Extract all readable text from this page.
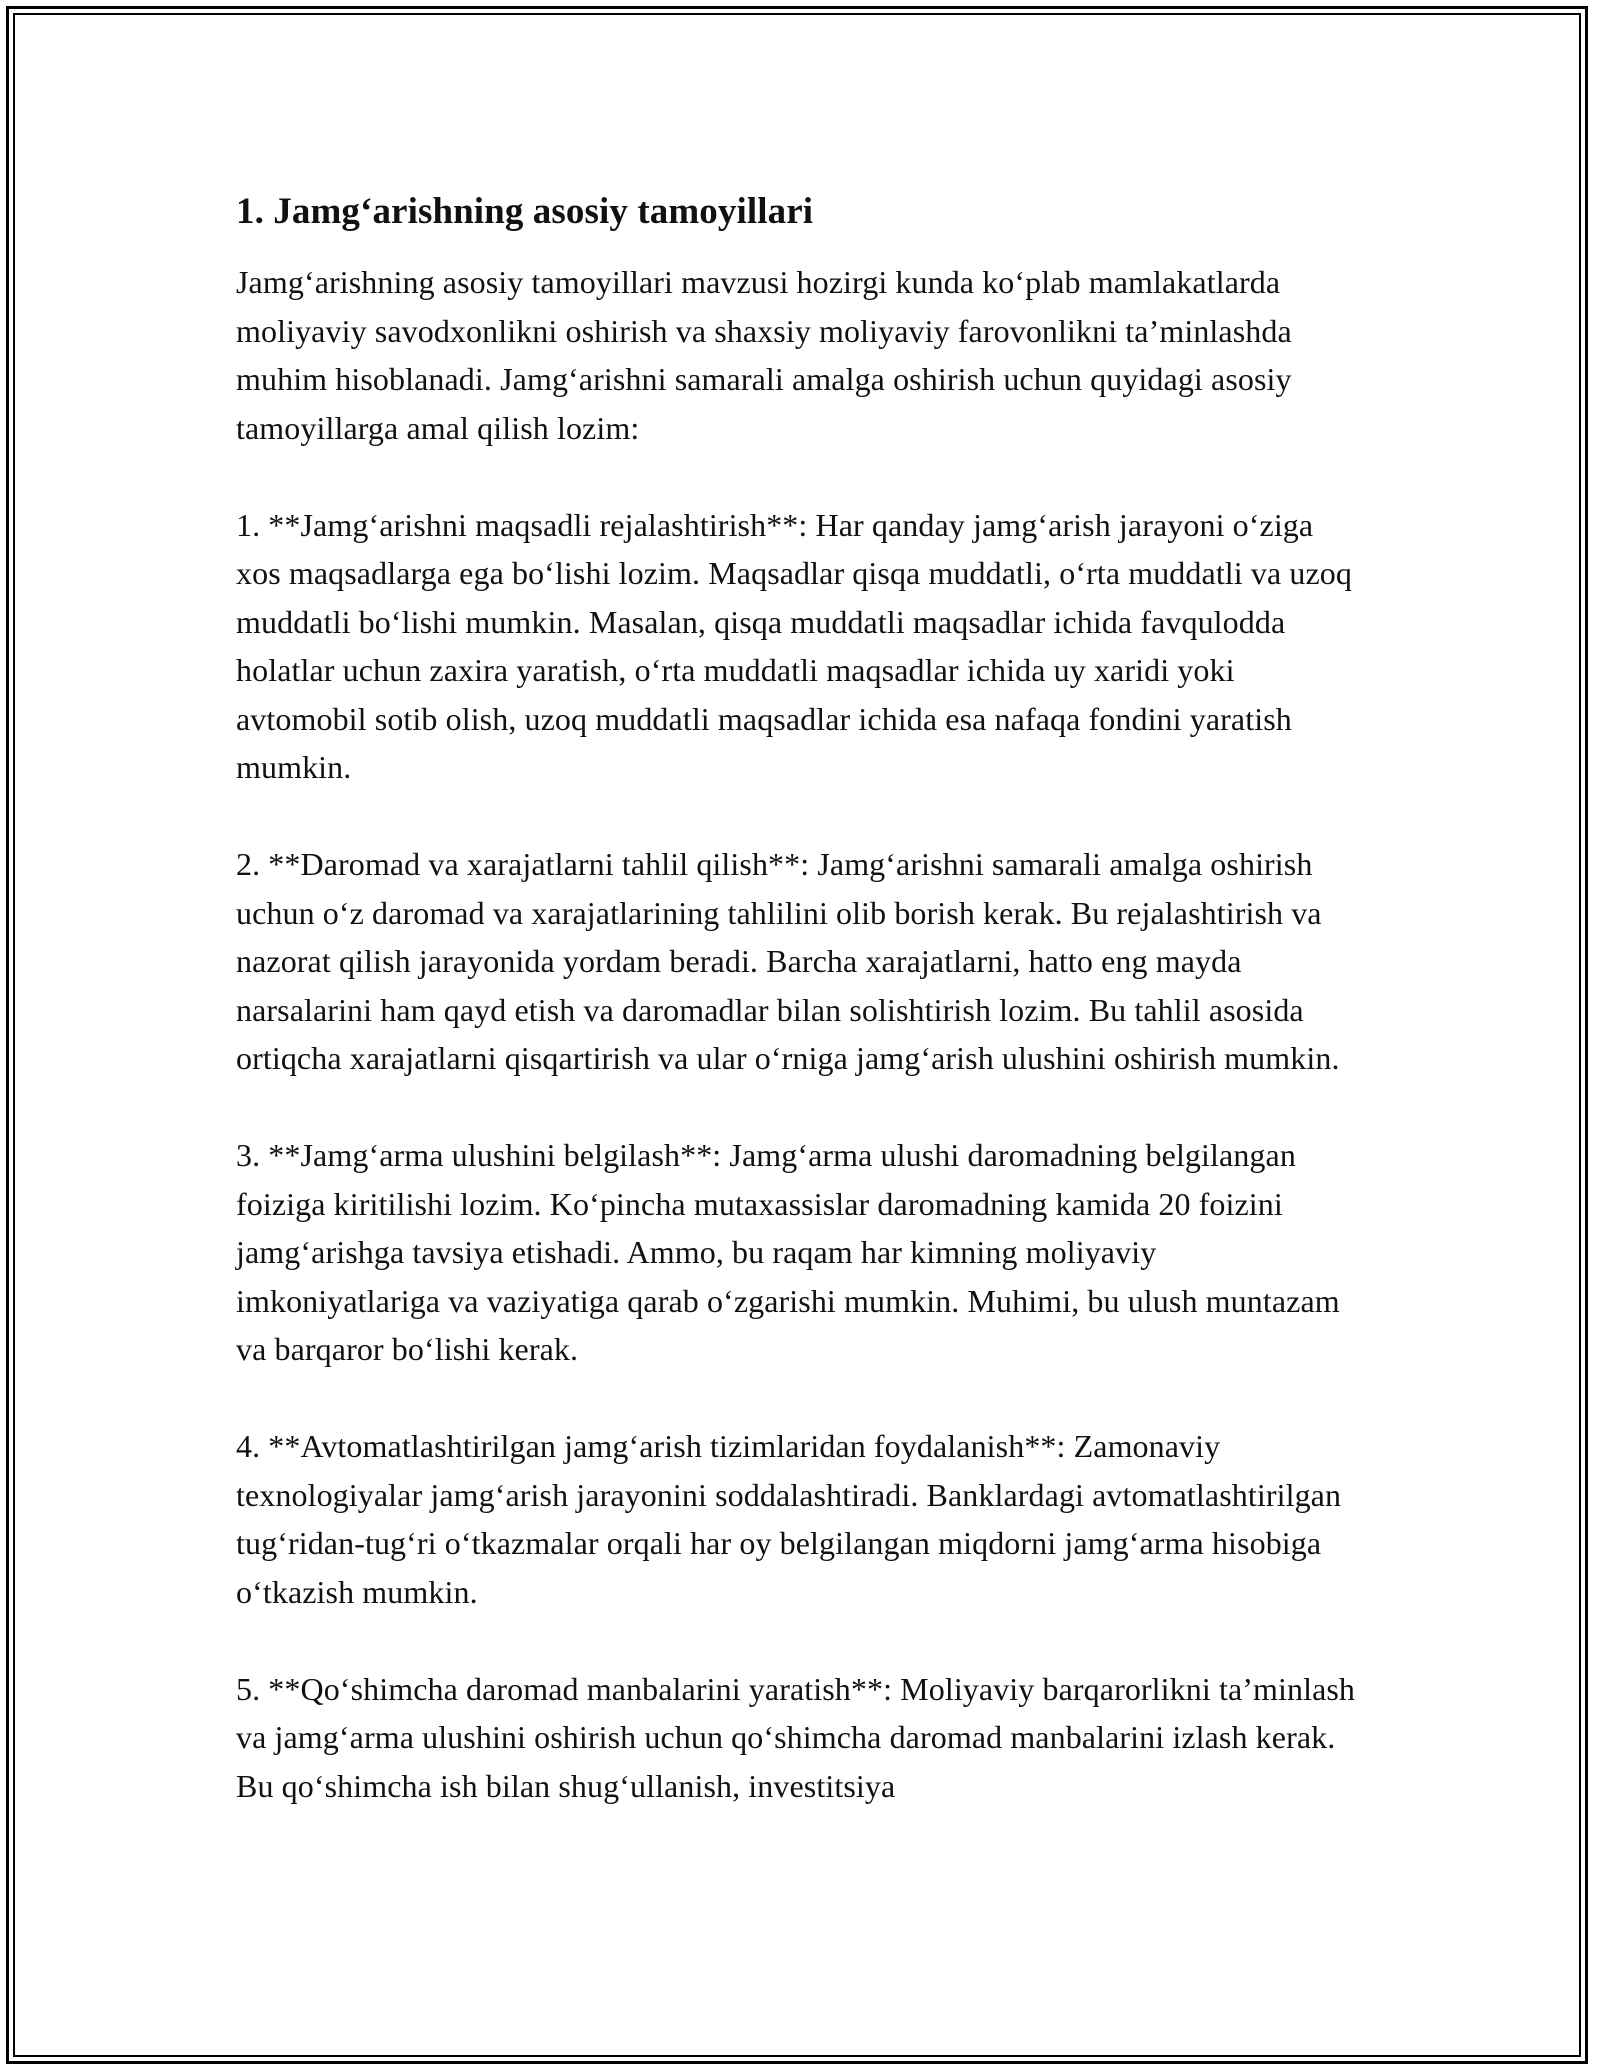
1. Jamg‘arishning asosiy tamoyillari
Jamg‘arishning asosiy tamoyillari mavzusi hozirgi kunda ko‘plab mamlakatlarda moliyaviy savodxonlikni oshirish va shaxsiy moliyaviy farovonlikni ta’minlashda muhim hisoblanadi. Jamg‘arishni samarali amalga oshirish uchun quyidagi asosiy tamoyillarga amal qilish lozim:
1. **Jamg‘arishni maqsadli rejalashtirish**: Har qanday jamg‘arish jarayoni o‘ziga xos maqsadlarga ega bo‘lishi lozim. Maqsadlar qisqa muddatli, o‘rta muddatli va uzoq muddatli bo‘lishi mumkin. Masalan, qisqa muddatli maqsadlar ichida favqulodda holatlar uchun zaxira yaratish, o‘rta muddatli maqsadlar ichida uy xaridi yoki avtomobil sotib olish, uzoq muddatli maqsadlar ichida esa nafaqa fondini yaratish mumkin.
2. **Daromad va xarajatlarni tahlil qilish**: Jamg‘arishni samarali amalga oshirish uchun o‘z daromad va xarajatlarining tahlilini olib borish kerak. Bu rejalashtirish va nazorat qilish jarayonida yordam beradi. Barcha xarajatlarni, hatto eng mayda narsalarini ham qayd etish va daromadlar bilan solishtirish lozim. Bu tahlil asosida ortiqcha xarajatlarni qisqartirish va ular o‘rniga jamg‘arish ulushini oshirish mumkin.
3. **Jamg‘arma ulushini belgilash**: Jamg‘arma ulushi daromadning belgilangan foiziga kiritilishi lozim. Ko‘pincha mutaxassislar daromadning kamida 20 foizini jamg‘arishga tavsiya etishadi. Ammo, bu raqam har kimning moliyaviy imkoniyatlariga va vaziyatiga qarab o‘zgarishi mumkin. Muhimi, bu ulush muntazam va barqaror bo‘lishi kerak.
4. **Avtomatlashtirilgan jamg‘arish tizimlaridan foydalanish**: Zamonaviy texnologiyalar jamg‘arish jarayonini soddalashtiradi. Banklardagi avtomatlashtirilgan tug‘ridan-tug‘ri o‘tkazmalar orqali har oy belgilangan miqdorni jamg‘arma hisobiga o‘tkazish mumkin.
5. **Qo‘shimcha daromad manbalarini yaratish**: Moliyaviy barqarorlikni ta’minlash va jamg‘arma ulushini oshirish uchun qo‘shimcha daromad manbalarini izlash kerak. Bu qo‘shimcha ish bilan shug‘ullanish, investitsiya
